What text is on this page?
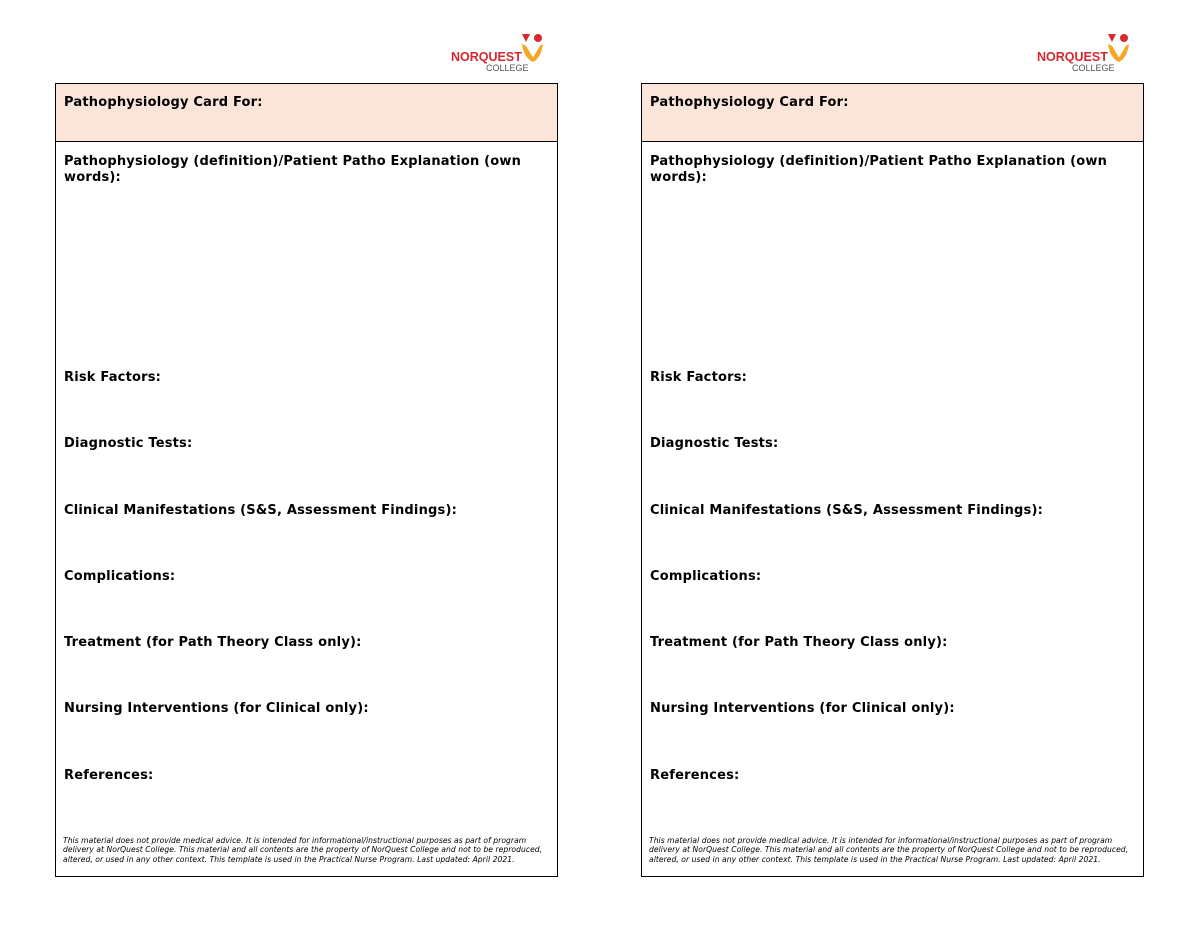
NORQUEST
COLLEGE
Pathophysiology Card For:
Pathophysiology (definition)/Patient Patho Explanation (own words):
Risk Factors:
Diagnostic Tests:
Clinical Manifestations (S&S, Assessment Findings):
Complications:
Treatment (for Path Theory Class only):
Nursing Interventions (for Clinical only):
References:
This material does not provide medical advice. It is intended for informational/instructional purposes as part of program delivery at NorQuest College. This material and all contents are the property of NorQuest College and not to be reproduced, altered, or used in any other context. This template is used in the Practical Nurse Program. Last updated: April 2021.
NORQUEST
COLLEGE
Pathophysiology Card For:
Pathophysiology (definition)/Patient Patho Explanation (own words):
Risk Factors:
Diagnostic Tests:
Clinical Manifestations (S&S, Assessment Findings):
Complications:
Treatment (for Path Theory Class only):
Nursing Interventions (for Clinical only):
References:
This material does not provide medical advice. It is intended for informational/instructional purposes as part of program delivery at NorQuest College. This material and all contents are the property of NorQuest College and not to be reproduced, altered, or used in any other context. This template is used in the Practical Nurse Program. Last updated: April 2021.
